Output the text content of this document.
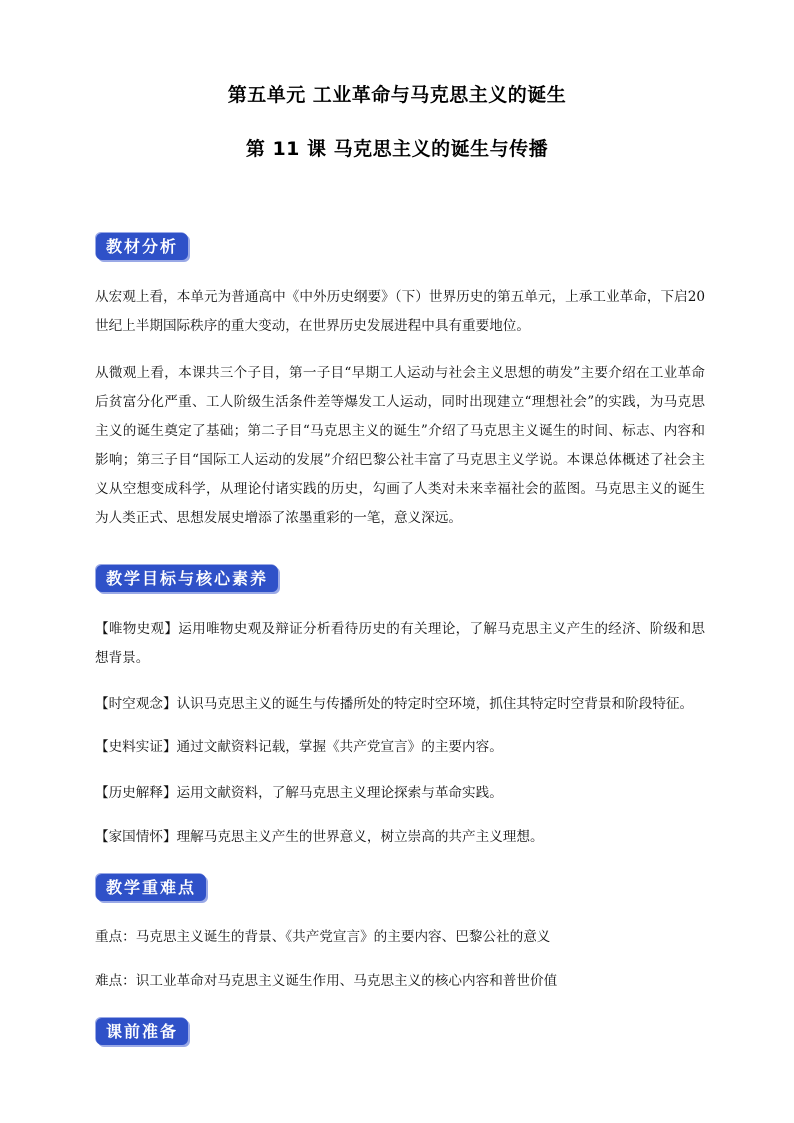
第五单元 工业革命与马克思主义的诞生
第 11 课 马克思主义的诞生与传播
教材分析

从宏观上看，本单元为普通高中《中外历史纲要》（下）世界历史的第五单元，上承工业革命，下启20世纪上半期国际秩序的重大变动，在世界历史发展进程中具有重要地位。

从微观上看，本课共三个子目，第一子目“早期工人运动与社会主义思想的萌发”主要介绍在工业革命后贫富分化严重、工人阶级生活条件差等爆发工人运动，同时出现建立“理想社会”的实践，为马克思主义的诞生奠定了基础；第二子目“马克思主义的诞生”介绍了马克思主义诞生的时间、标志、内容和影响；第三子目“国际工人运动的发展”介绍巴黎公社丰富了马克思主义学说。本课总体概述了社会主义从空想变成科学，从理论付诸实践的历史，勾画了人类对未来幸福社会的蓝图。马克思主义的诞生为人类正式、思想发展史增添了浓墨重彩的一笔，意义深远。

教学目标与核心素养

【唯物史观】运用唯物史观及辩证分析看待历史的有关理论，了解马克思主义产生的经济、阶级和思想背景。

【时空观念】认识马克思主义的诞生与传播所处的特定时空环境，抓住其特定时空背景和阶段特征。

【史料实证】通过文献资料记载，掌握《共产党宣言》的主要内容。

【历史解释】运用文献资料，了解马克思主义理论探索与革命实践。

【家国情怀】理解马克思主义产生的世界意义，树立崇高的共产主义理想。

教学重难点

重点：马克思主义诞生的背景、《共产党宣言》的主要内容、巴黎公社的意义

难点：识工业革命对马克思主义诞生作用、马克思主义的核心内容和普世价值

课前准备
